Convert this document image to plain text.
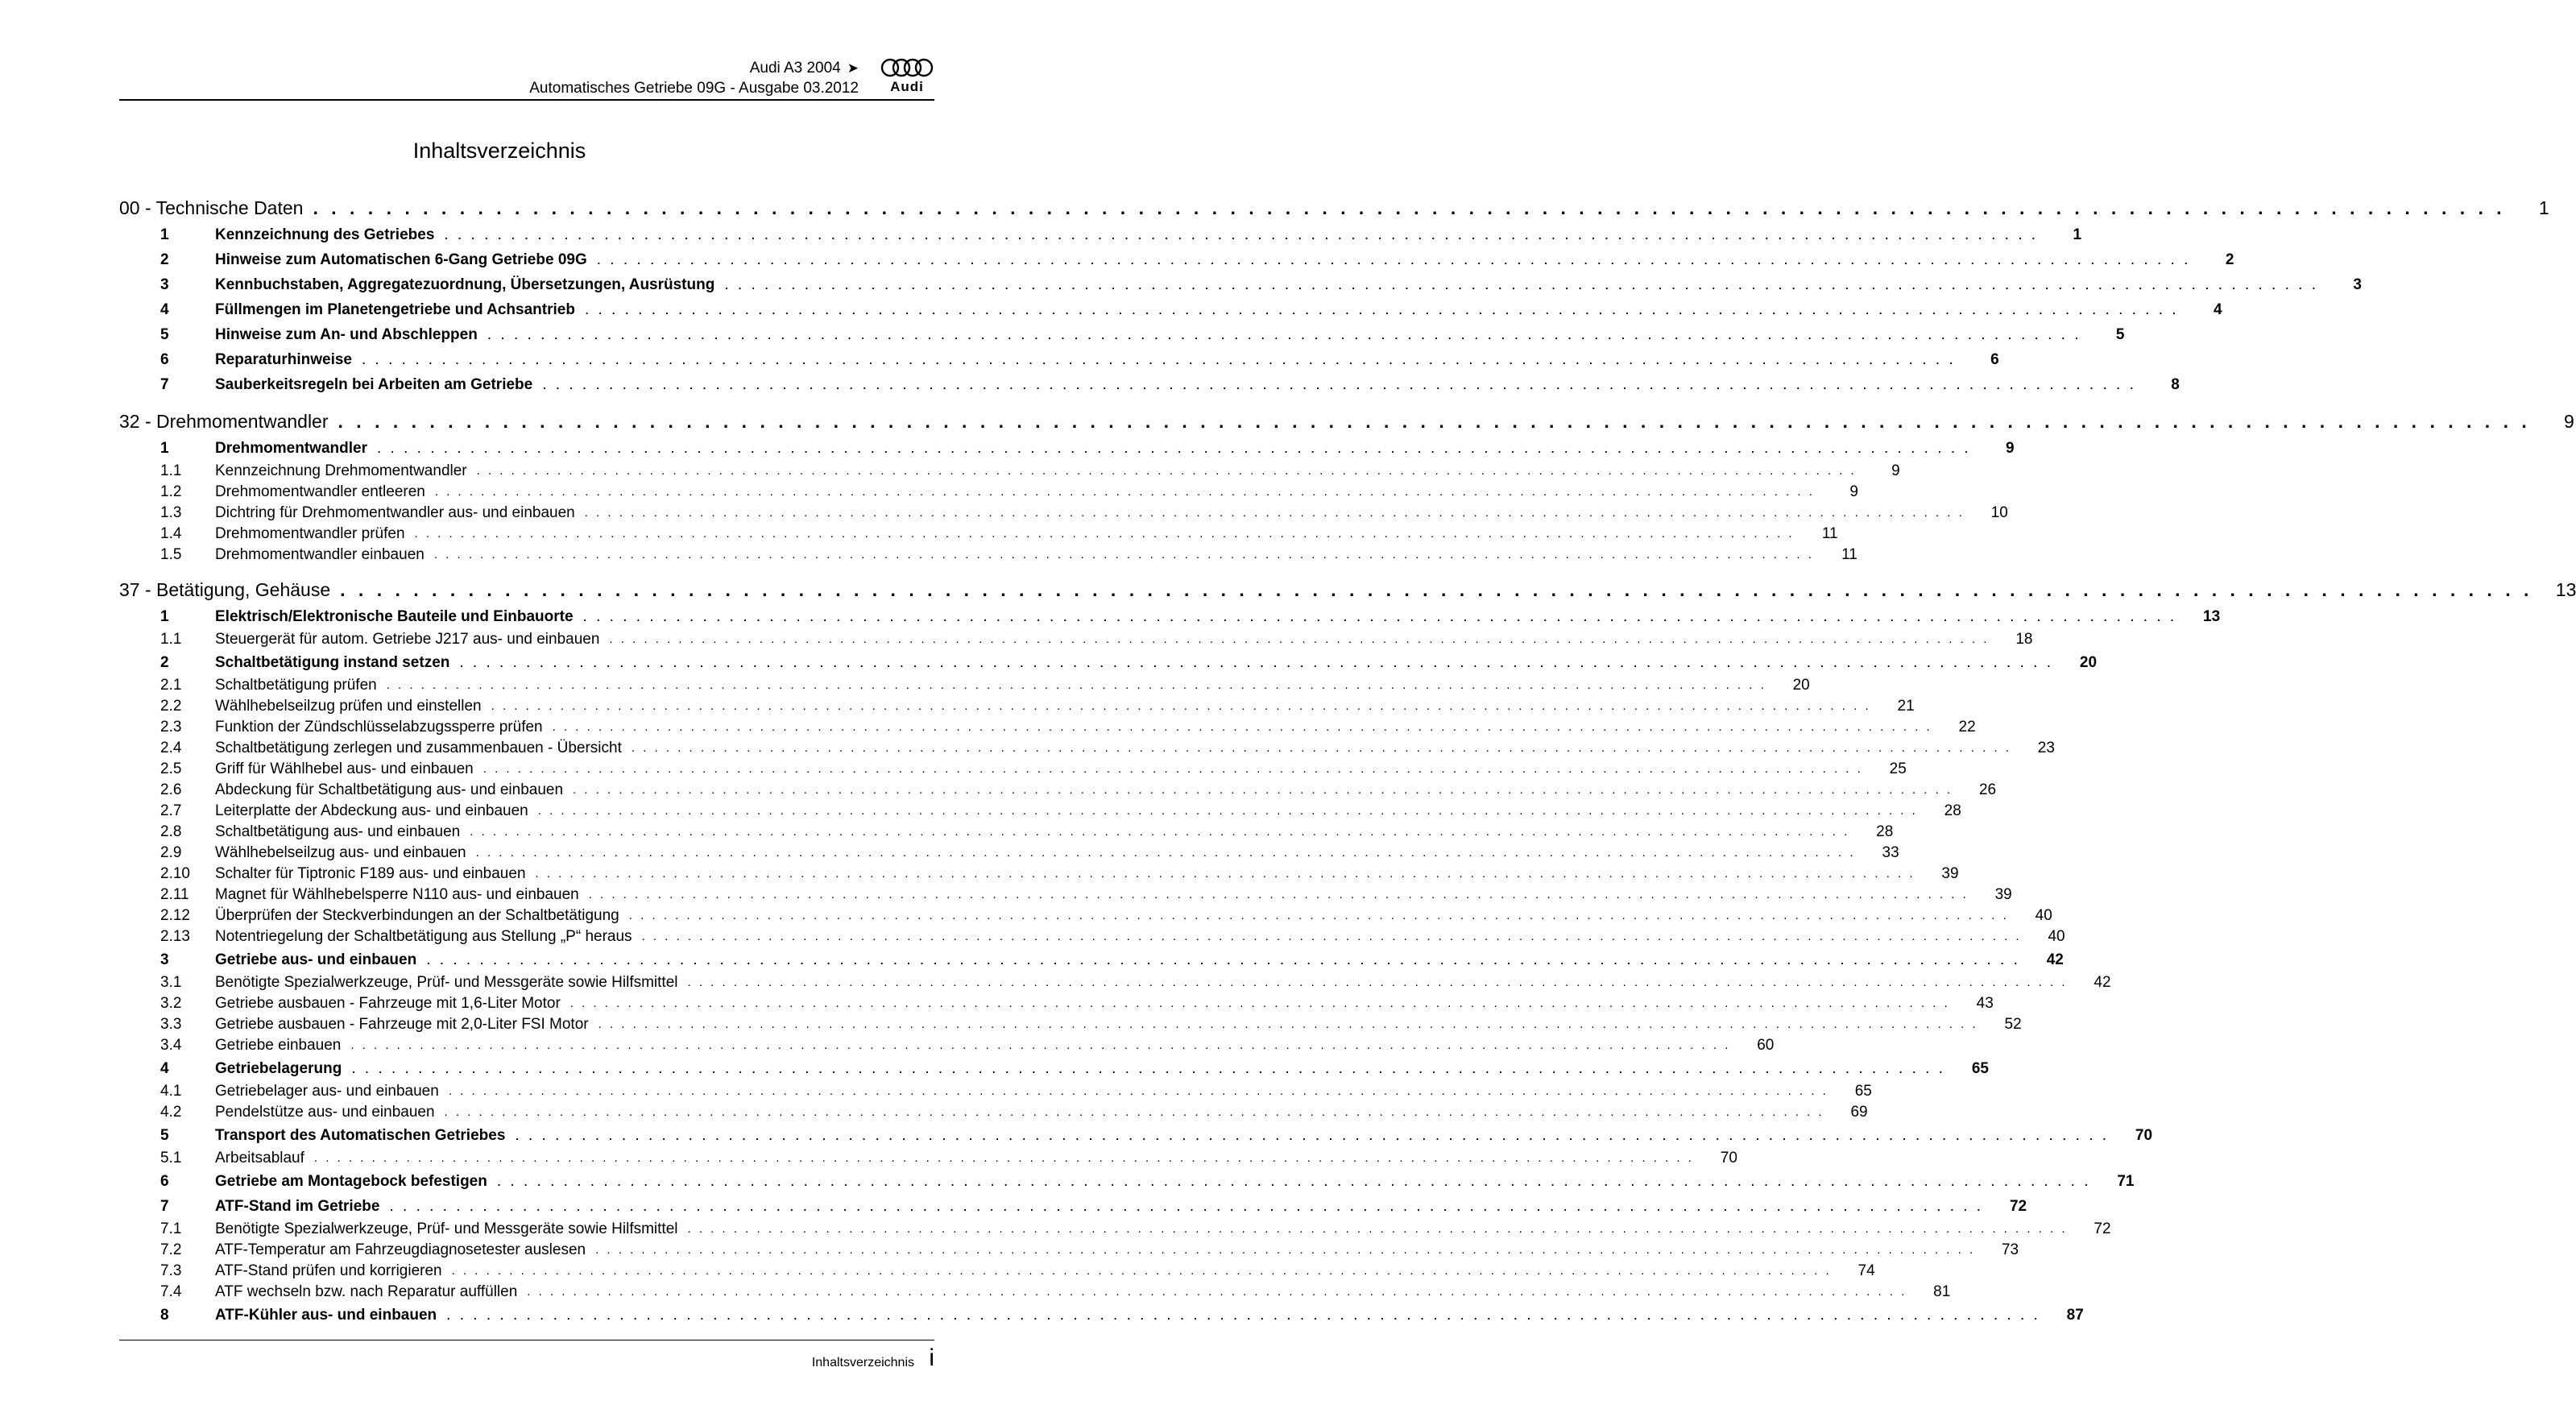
Audi A3 2004 ➤
Automatisches Getriebe 09G - Ausgabe 03.2012	Audi
Inhaltsverzeichnis
00 - Technische Daten . . . . . . . . . . . . . . . . . . . . . . . . . . . . . . . . . . . . . . . . . . . . . . . . . . . . . . . . . . . . . . . . . . . . . . . . . . . . . . . . . . . . . . . . . . . . . . . . . . . . . . . . . . . . . . . . . . . . . . . .	1
1	Kennzeichnung des Getriebes . . . . . . . . . . . . . . . . . . . . . . . . . . . . . . . . . . . . . . . . . . . . . . . . . . . . . . . . . . . . . . . . . . . . . . . . . . . . . . . . . . . . . . . . . . . . . . . . . . . . . . . . . . . . . . . . . . . . . . . .	1
2	Hinweise zum Automatischen 6-Gang Getriebe 09G . . . . . . . . . . . . . . . . . . . . . . . . . . . . . . . . . . . . . . . . . . . . . . . . . . . . . . . . . . . . . . . . . . . . . . . . . . . . . . . . . . . . . . . . . . . . . . . . . . . . . . . . . . . . . . . . . . . . . . . .	2
3	Kennbuchstaben, Aggregatezuordnung, Übersetzungen, Ausrüstung . . . . . . . . . . . . . . . . . . . . . . . . . . . . . . . . . . . . . . . . . . . . . . . . . . . . . . . . . . . . . . . . . . . . . . . . . . . . . . . . . . . . . . . . . . . . . . . . . . . . . . . . . . . . . . . . . . . . . . . .	3
4	Füllmengen im Planetengetriebe und Achsantrieb . . . . . . . . . . . . . . . . . . . . . . . . . . . . . . . . . . . . . . . . . . . . . . . . . . . . . . . . . . . . . . . . . . . . . . . . . . . . . . . . . . . . . . . . . . . . . . . . . . . . . . . . . . . . . . . . . . . . . . . .	4
5	Hinweise zum An- und Abschleppen . . . . . . . . . . . . . . . . . . . . . . . . . . . . . . . . . . . . . . . . . . . . . . . . . . . . . . . . . . . . . . . . . . . . . . . . . . . . . . . . . . . . . . . . . . . . . . . . . . . . . . . . . . . . . . . . . . . . . . . .	5
6	Reparaturhinweise . . . . . . . . . . . . . . . . . . . . . . . . . . . . . . . . . . . . . . . . . . . . . . . . . . . . . . . . . . . . . . . . . . . . . . . . . . . . . . . . . . . . . . . . . . . . . . . . . . . . . . . . . . . . . . . . . . . . . . . .	6
7	Sauberkeitsregeln bei Arbeiten am Getriebe . . . . . . . . . . . . . . . . . . . . . . . . . . . . . . . . . . . . . . . . . . . . . . . . . . . . . . . . . . . . . . . . . . . . . . . . . . . . . . . . . . . . . . . . . . . . . . . . . . . . . . . . . . . . . . . . . . . . . . . .	8
32 - Drehmomentwandler . . . . . . . . . . . . . . . . . . . . . . . . . . . . . . . . . . . . . . . . . . . . . . . . . . . . . . . . . . . . . . . . . . . . . . . . . . . . . . . . . . . . . . . . . . . . . . . . . . . . . . . . . . . . . . . . . . . . . . . .	9
1	Drehmomentwandler . . . . . . . . . . . . . . . . . . . . . . . . . . . . . . . . . . . . . . . . . . . . . . . . . . . . . . . . . . . . . . . . . . . . . . . . . . . . . . . . . . . . . . . . . . . . . . . . . . . . . . . . . . . . . . . . . . . . . . . .	9
1.1	Kennzeichnung Drehmomentwandler . . . . . . . . . . . . . . . . . . . . . . . . . . . . . . . . . . . . . . . . . . . . . . . . . . . . . . . . . . . . . . . . . . . . . . . . . . . . . . . . . . . . . . . . . . . . . . . . . . . . . . . . . . . . . . . . . . . . . . . .	9
1.2	Drehmomentwandler entleeren . . . . . . . . . . . . . . . . . . . . . . . . . . . . . . . . . . . . . . . . . . . . . . . . . . . . . . . . . . . . . . . . . . . . . . . . . . . . . . . . . . . . . . . . . . . . . . . . . . . . . . . . . . . . . . . . . . . . . . . .	9
1.3	Dichtring für Drehmomentwandler aus- und einbauen . . . . . . . . . . . . . . . . . . . . . . . . . . . . . . . . . . . . . . . . . . . . . . . . . . . . . . . . . . . . . . . . . . . . . . . . . . . . . . . . . . . . . . . . . . . . . . . . . . . . . . . . . . . . . . . . . . . . . . . .	10
1.4	Drehmomentwandler prüfen . . . . . . . . . . . . . . . . . . . . . . . . . . . . . . . . . . . . . . . . . . . . . . . . . . . . . . . . . . . . . . . . . . . . . . . . . . . . . . . . . . . . . . . . . . . . . . . . . . . . . . . . . . . . . . . . . . . . . . . .	11
1.5	Drehmomentwandler einbauen . . . . . . . . . . . . . . . . . . . . . . . . . . . . . . . . . . . . . . . . . . . . . . . . . . . . . . . . . . . . . . . . . . . . . . . . . . . . . . . . . . . . . . . . . . . . . . . . . . . . . . . . . . . . . . . . . . . . . . . .	11
37 - Betätigung, Gehäuse . . . . . . . . . . . . . . . . . . . . . . . . . . . . . . . . . . . . . . . . . . . . . . . . . . . . . . . . . . . . . . . . . . . . . . . . . . . . . . . . . . . . . . . . . . . . . . . . . . . . . . . . . . . . . . . . . . . . . . . .	13
1	Elektrisch/Elektronische Bauteile und Einbauorte . . . . . . . . . . . . . . . . . . . . . . . . . . . . . . . . . . . . . . . . . . . . . . . . . . . . . . . . . . . . . . . . . . . . . . . . . . . . . . . . . . . . . . . . . . . . . . . . . . . . . . . . . . . . . . . . . . . . . . . .	13
1.1	Steuergerät für autom. Getriebe J217 aus- und einbauen . . . . . . . . . . . . . . . . . . . . . . . . . . . . . . . . . . . . . . . . . . . . . . . . . . . . . . . . . . . . . . . . . . . . . . . . . . . . . . . . . . . . . . . . . . . . . . . . . . . . . . . . . . . . . . . . . . . . . . . .	18
2	Schaltbetätigung instand setzen . . . . . . . . . . . . . . . . . . . . . . . . . . . . . . . . . . . . . . . . . . . . . . . . . . . . . . . . . . . . . . . . . . . . . . . . . . . . . . . . . . . . . . . . . . . . . . . . . . . . . . . . . . . . . . . . . . . . . . . .	20
2.1	Schaltbetätigung prüfen . . . . . . . . . . . . . . . . . . . . . . . . . . . . . . . . . . . . . . . . . . . . . . . . . . . . . . . . . . . . . . . . . . . . . . . . . . . . . . . . . . . . . . . . . . . . . . . . . . . . . . . . . . . . . . . . . . . . . . . .	20
2.2	Wählhebelseilzug prüfen und einstellen . . . . . . . . . . . . . . . . . . . . . . . . . . . . . . . . . . . . . . . . . . . . . . . . . . . . . . . . . . . . . . . . . . . . . . . . . . . . . . . . . . . . . . . . . . . . . . . . . . . . . . . . . . . . . . . . . . . . . . . .	21
2.3	Funktion der Zündschlüsselabzugssperre prüfen . . . . . . . . . . . . . . . . . . . . . . . . . . . . . . . . . . . . . . . . . . . . . . . . . . . . . . . . . . . . . . . . . . . . . . . . . . . . . . . . . . . . . . . . . . . . . . . . . . . . . . . . . . . . . . . . . . . . . . . .	22
2.4	Schaltbetätigung zerlegen und zusammenbauen - Übersicht . . . . . . . . . . . . . . . . . . . . . . . . . . . . . . . . . . . . . . . . . . . . . . . . . . . . . . . . . . . . . . . . . . . . . . . . . . . . . . . . . . . . . . . . . . . . . . . . . . . . . . . . . . . . . . . . . . . . . . . .	23
2.5	Griff für Wählhebel aus- und einbauen . . . . . . . . . . . . . . . . . . . . . . . . . . . . . . . . . . . . . . . . . . . . . . . . . . . . . . . . . . . . . . . . . . . . . . . . . . . . . . . . . . . . . . . . . . . . . . . . . . . . . . . . . . . . . . . . . . . . . . . .	25
2.6	Abdeckung für Schaltbetätigung aus- und einbauen . . . . . . . . . . . . . . . . . . . . . . . . . . . . . . . . . . . . . . . . . . . . . . . . . . . . . . . . . . . . . . . . . . . . . . . . . . . . . . . . . . . . . . . . . . . . . . . . . . . . . . . . . . . . . . . . . . . . . . . .	26
2.7	Leiterplatte der Abdeckung aus- und einbauen . . . . . . . . . . . . . . . . . . . . . . . . . . . . . . . . . . . . . . . . . . . . . . . . . . . . . . . . . . . . . . . . . . . . . . . . . . . . . . . . . . . . . . . . . . . . . . . . . . . . . . . . . . . . . . . . . . . . . . . .	28
2.8	Schaltbetätigung aus- und einbauen . . . . . . . . . . . . . . . . . . . . . . . . . . . . . . . . . . . . . . . . . . . . . . . . . . . . . . . . . . . . . . . . . . . . . . . . . . . . . . . . . . . . . . . . . . . . . . . . . . . . . . . . . . . . . . . . . . . . . . . .	28
2.9	Wählhebelseilzug aus- und einbauen . . . . . . . . . . . . . . . . . . . . . . . . . . . . . . . . . . . . . . . . . . . . . . . . . . . . . . . . . . . . . . . . . . . . . . . . . . . . . . . . . . . . . . . . . . . . . . . . . . . . . . . . . . . . . . . . . . . . . . . .	33
2.10	Schalter für Tiptronic F189 aus- und einbauen . . . . . . . . . . . . . . . . . . . . . . . . . . . . . . . . . . . . . . . . . . . . . . . . . . . . . . . . . . . . . . . . . . . . . . . . . . . . . . . . . . . . . . . . . . . . . . . . . . . . . . . . . . . . . . . . . . . . . . . .	39
2.11	Magnet für Wählhebelsperre N110 aus- und einbauen . . . . . . . . . . . . . . . . . . . . . . . . . . . . . . . . . . . . . . . . . . . . . . . . . . . . . . . . . . . . . . . . . . . . . . . . . . . . . . . . . . . . . . . . . . . . . . . . . . . . . . . . . . . . . . . . . . . . . . . .	39
2.12	Überprüfen der Steckverbindungen an der Schaltbetätigung . . . . . . . . . . . . . . . . . . . . . . . . . . . . . . . . . . . . . . . . . . . . . . . . . . . . . . . . . . . . . . . . . . . . . . . . . . . . . . . . . . . . . . . . . . . . . . . . . . . . . . . . . . . . . . . . . . . . . . . .	40
2.13	Notentriegelung der Schaltbetätigung aus Stellung „P“ heraus . . . . . . . . . . . . . . . . . . . . . . . . . . . . . . . . . . . . . . . . . . . . . . . . . . . . . . . . . . . . . . . . . . . . . . . . . . . . . . . . . . . . . . . . . . . . . . . . . . . . . . . . . . . . . . . . . . . . . . . .	40
3	Getriebe aus- und einbauen . . . . . . . . . . . . . . . . . . . . . . . . . . . . . . . . . . . . . . . . . . . . . . . . . . . . . . . . . . . . . . . . . . . . . . . . . . . . . . . . . . . . . . . . . . . . . . . . . . . . . . . . . . . . . . . . . . . . . . . .	42
3.1	Benötigte Spezialwerkzeuge, Prüf- und Messgeräte sowie Hilfsmittel . . . . . . . . . . . . . . . . . . . . . . . . . . . . . . . . . . . . . . . . . . . . . . . . . . . . . . . . . . . . . . . . . . . . . . . . . . . . . . . . . . . . . . . . . . . . . . . . . . . . . . . . . . . . . . . . . . . . . . . .	42
3.2	Getriebe ausbauen - Fahrzeuge mit 1,6-Liter Motor . . . . . . . . . . . . . . . . . . . . . . . . . . . . . . . . . . . . . . . . . . . . . . . . . . . . . . . . . . . . . . . . . . . . . . . . . . . . . . . . . . . . . . . . . . . . . . . . . . . . . . . . . . . . . . . . . . . . . . . .	43
3.3	Getriebe ausbauen - Fahrzeuge mit 2,0-Liter FSI Motor . . . . . . . . . . . . . . . . . . . . . . . . . . . . . . . . . . . . . . . . . . . . . . . . . . . . . . . . . . . . . . . . . . . . . . . . . . . . . . . . . . . . . . . . . . . . . . . . . . . . . . . . . . . . . . . . . . . . . . . .	52
3.4	Getriebe einbauen . . . . . . . . . . . . . . . . . . . . . . . . . . . . . . . . . . . . . . . . . . . . . . . . . . . . . . . . . . . . . . . . . . . . . . . . . . . . . . . . . . . . . . . . . . . . . . . . . . . . . . . . . . . . . . . . . . . . . . . .	60
4	Getriebelagerung . . . . . . . . . . . . . . . . . . . . . . . . . . . . . . . . . . . . . . . . . . . . . . . . . . . . . . . . . . . . . . . . . . . . . . . . . . . . . . . . . . . . . . . . . . . . . . . . . . . . . . . . . . . . . . . . . . . . . . . .	65
4.1	Getriebelager aus- und einbauen . . . . . . . . . . . . . . . . . . . . . . . . . . . . . . . . . . . . . . . . . . . . . . . . . . . . . . . . . . . . . . . . . . . . . . . . . . . . . . . . . . . . . . . . . . . . . . . . . . . . . . . . . . . . . . . . . . . . . . . .	65
4.2	Pendelstütze aus- und einbauen . . . . . . . . . . . . . . . . . . . . . . . . . . . . . . . . . . . . . . . . . . . . . . . . . . . . . . . . . . . . . . . . . . . . . . . . . . . . . . . . . . . . . . . . . . . . . . . . . . . . . . . . . . . . . . . . . . . . . . . .	69
5	Transport des Automatischen Getriebes . . . . . . . . . . . . . . . . . . . . . . . . . . . . . . . . . . . . . . . . . . . . . . . . . . . . . . . . . . . . . . . . . . . . . . . . . . . . . . . . . . . . . . . . . . . . . . . . . . . . . . . . . . . . . . . . . . . . . . . .	70
5.1	Arbeitsablauf . . . . . . . . . . . . . . . . . . . . . . . . . . . . . . . . . . . . . . . . . . . . . . . . . . . . . . . . . . . . . . . . . . . . . . . . . . . . . . . . . . . . . . . . . . . . . . . . . . . . . . . . . . . . . . . . . . . . . . . .	70
6	Getriebe am Montagebock befestigen . . . . . . . . . . . . . . . . . . . . . . . . . . . . . . . . . . . . . . . . . . . . . . . . . . . . . . . . . . . . . . . . . . . . . . . . . . . . . . . . . . . . . . . . . . . . . . . . . . . . . . . . . . . . . . . . . . . . . . . .	71
7	ATF-Stand im Getriebe . . . . . . . . . . . . . . . . . . . . . . . . . . . . . . . . . . . . . . . . . . . . . . . . . . . . . . . . . . . . . . . . . . . . . . . . . . . . . . . . . . . . . . . . . . . . . . . . . . . . . . . . . . . . . . . . . . . . . . . .	72
7.1	Benötigte Spezialwerkzeuge, Prüf- und Messgeräte sowie Hilfsmittel . . . . . . . . . . . . . . . . . . . . . . . . . . . . . . . . . . . . . . . . . . . . . . . . . . . . . . . . . . . . . . . . . . . . . . . . . . . . . . . . . . . . . . . . . . . . . . . . . . . . . . . . . . . . . . . . . . . . . . . .	72
7.2	ATF-Temperatur am Fahrzeugdiagnosetester auslesen . . . . . . . . . . . . . . . . . . . . . . . . . . . . . . . . . . . . . . . . . . . . . . . . . . . . . . . . . . . . . . . . . . . . . . . . . . . . . . . . . . . . . . . . . . . . . . . . . . . . . . . . . . . . . . . . . . . . . . . .	73
7.3	ATF-Stand prüfen und korrigieren . . . . . . . . . . . . . . . . . . . . . . . . . . . . . . . . . . . . . . . . . . . . . . . . . . . . . . . . . . . . . . . . . . . . . . . . . . . . . . . . . . . . . . . . . . . . . . . . . . . . . . . . . . . . . . . . . . . . . . . .	74
7.4	ATF wechseln bzw. nach Reparatur auffüllen . . . . . . . . . . . . . . . . . . . . . . . . . . . . . . . . . . . . . . . . . . . . . . . . . . . . . . . . . . . . . . . . . . . . . . . . . . . . . . . . . . . . . . . . . . . . . . . . . . . . . . . . . . . . . . . . . . . . . . . .	81
8	ATF-Kühler aus- und einbauen . . . . . . . . . . . . . . . . . . . . . . . . . . . . . . . . . . . . . . . . . . . . . . . . . . . . . . . . . . . . . . . . . . . . . . . . . . . . . . . . . . . . . . . . . . . . . . . . . . . . . . . . . . . . . . . . . . . . . . . .	87
Inhaltsverzeichnis i
